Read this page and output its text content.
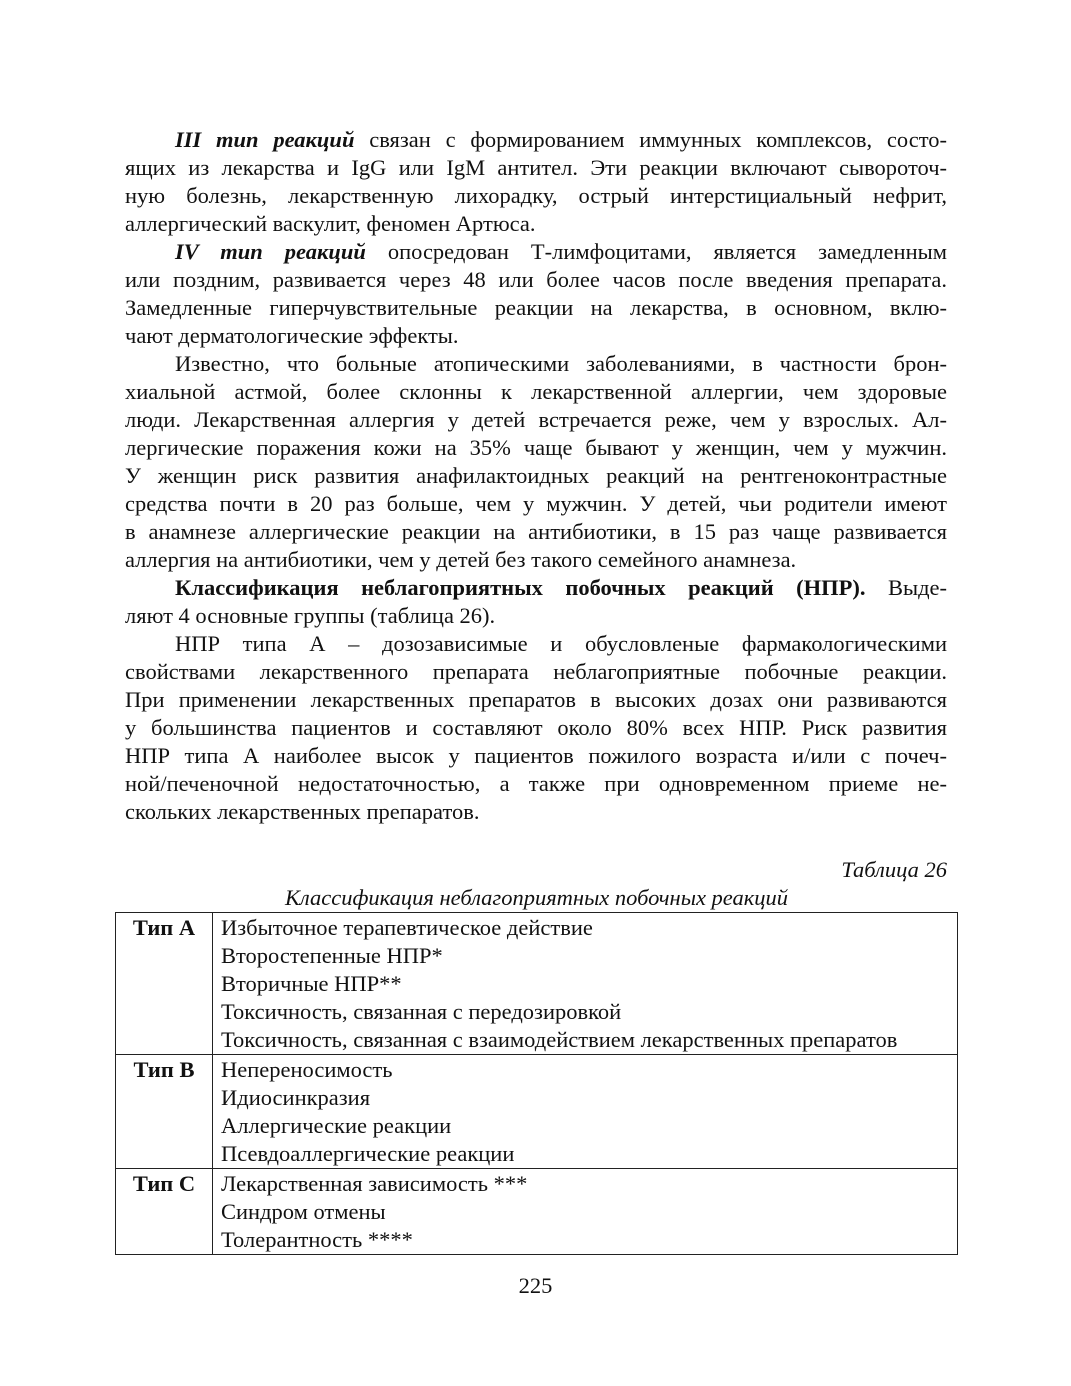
III тип реакций связан с формированием иммунных комплексов, состо-
ящих из лекарства и IgG или IgM антител. Эти реакции включают сывороточ-
ную болезнь, лекарственную лихорадку, острый интерстициальный нефрит,
аллергический васкулит, феномен Артюса.
IV тип реакций опосредован Т-лимфоцитами, является замедленным
или поздним, развивается через 48 или более часов после введения препарата.
Замедленные гиперчувствительные реакции на лекарства, в основном, вклю-
чают дерматологические эффекты.
Известно, что больные атопическими заболеваниями, в частности брон-
хиальной астмой, более склонны к лекарственной аллергии, чем здоровые
люди. Лекарственная аллергия у детей встречается реже, чем у взрослых. Ал-
лергические поражения кожи на 35% чаще бывают у женщин, чем у мужчин.
У женщин риск развития анафилактоидных реакций на рентгеноконтрастные
средства почти в 20 раз больше, чем у мужчин. У детей, чьи родители имеют
в анамнезе аллергические реакции на антибиотики, в 15 раз чаще развивается
аллергия на антибиотики, чем у детей без такого семейного анамнеза.
Классификация неблагоприятных побочных реакций (НПР). Выде-
ляют 4 основные группы (таблица 26).
НПР типа А – дозозависимые и обусловленые фармакологическими
свойствами лекарственного препарата неблагоприятные побочные реакции.
При применении лекарственных препаратов в высоких дозах они развиваются
у большинства пациентов и составляют около 80% всех НПР. Риск развития
НПР типа А наиболее высок у пациентов пожилого возраста и/или с почеч-
ной/печеночной недостаточностью, а также при одновременном приеме не-
скольких лекарственных препаратов.
Таблица 26
Классификация неблагоприятных побочных реакций
Тип А	Избыточное терапевтическое действие
Второстепенные НПР*
Вторичные НПР**
Токсичность, связанная с передозировкой
Токсичность, связанная с взаимодействием лекарственных препаратов

Тип В	Непереносимость
Идиосинкразия
Аллергические реакции
Псевдоаллергические реакции

Тип С	Лекарственная зависимость ***
Синдром отмены
Толерантность ****
225
